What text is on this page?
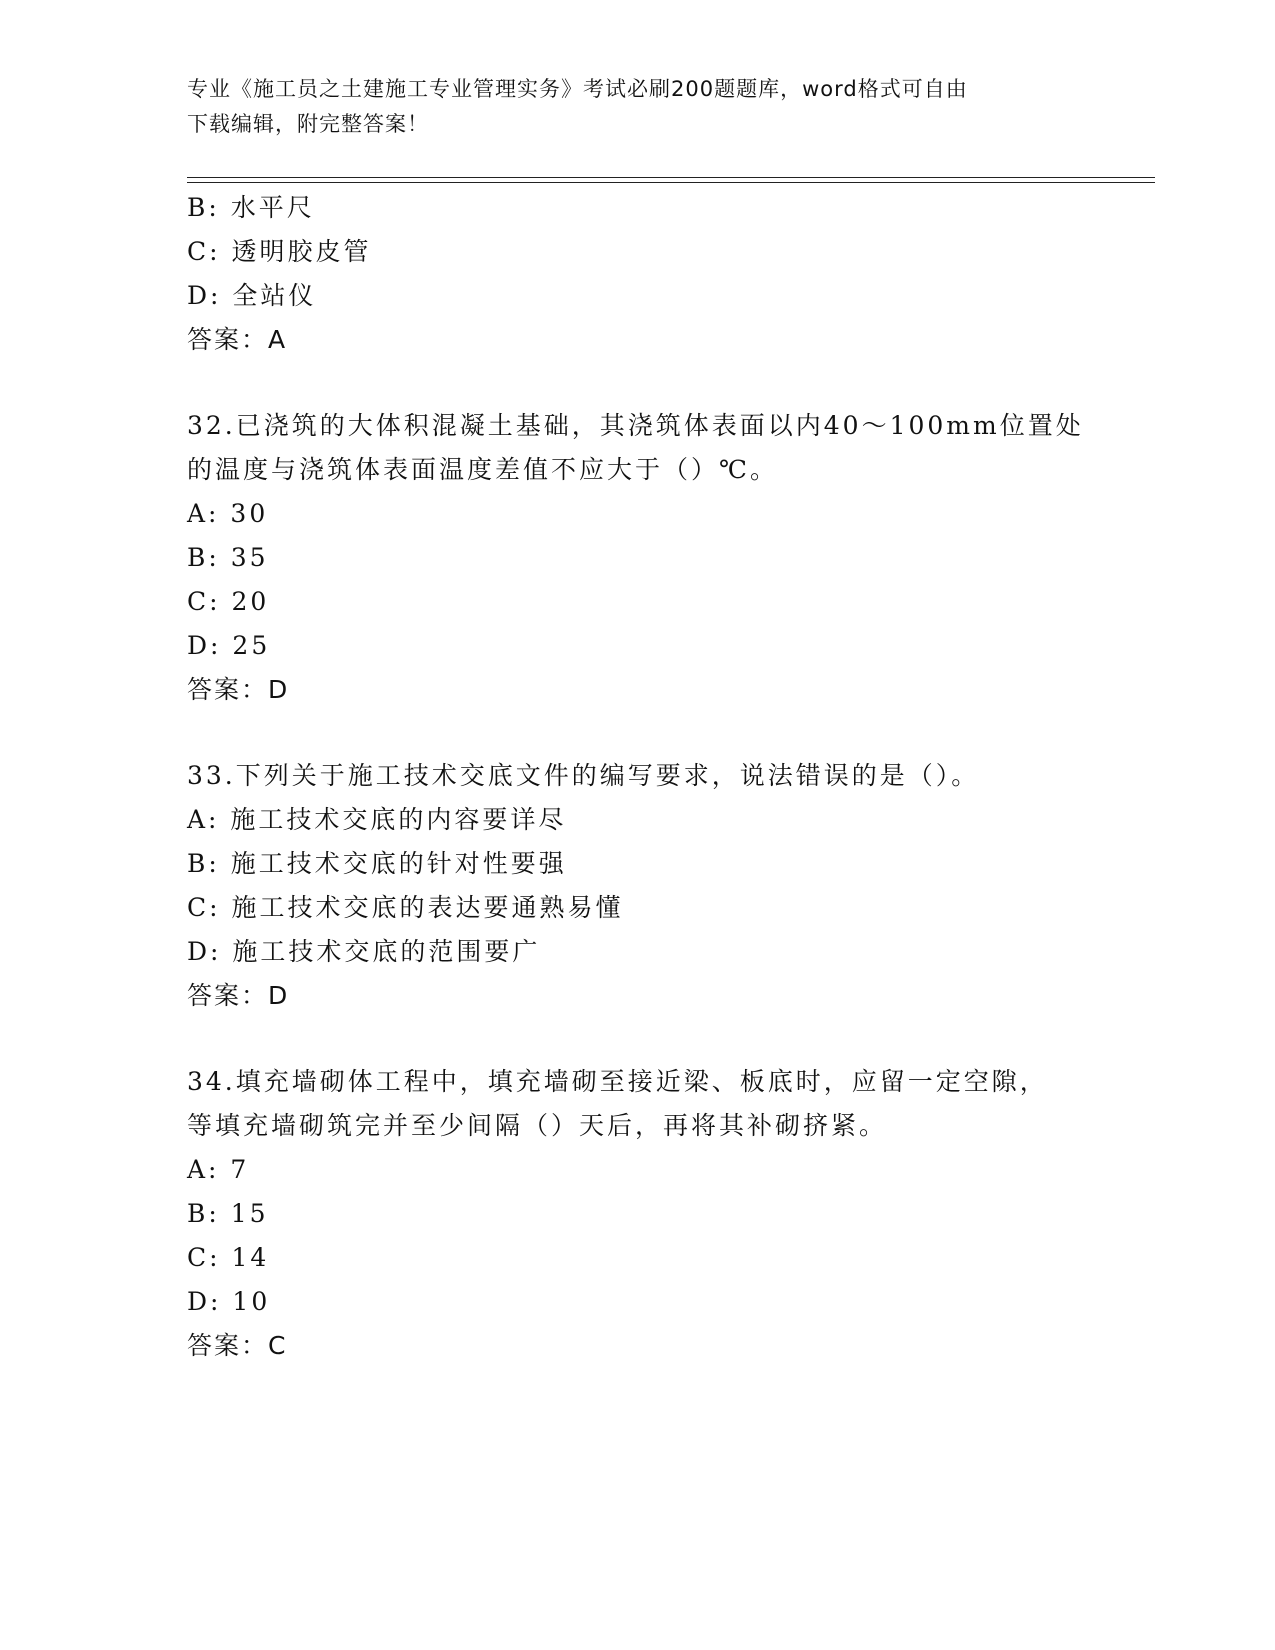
专业《施工员之土建施工专业管理实务》考试必刷200题题库，word格式可自由
下载编辑，附完整答案！
B: 水平尺
C: 透明胶皮管
D: 全站仪
答案：A
32.已浇筑的大体积混凝土基础，其浇筑体表面以内40～100mm位置处
的温度与浇筑体表面温度差值不应大于（）℃。
A: 30
B: 35
C: 20
D: 25
答案：D
33.下列关于施工技术交底文件的编写要求，说法错误的是（）。
A: 施工技术交底的内容要详尽
B: 施工技术交底的针对性要强
C: 施工技术交底的表达要通熟易懂
D: 施工技术交底的范围要广
答案：D
34.填充墙砌体工程中，填充墙砌至接近梁、板底时，应留一定空隙，
等填充墙砌筑完并至少间隔（）天后，再将其补砌挤紧。
A: 7
B: 15
C: 14
D: 10
答案：C
